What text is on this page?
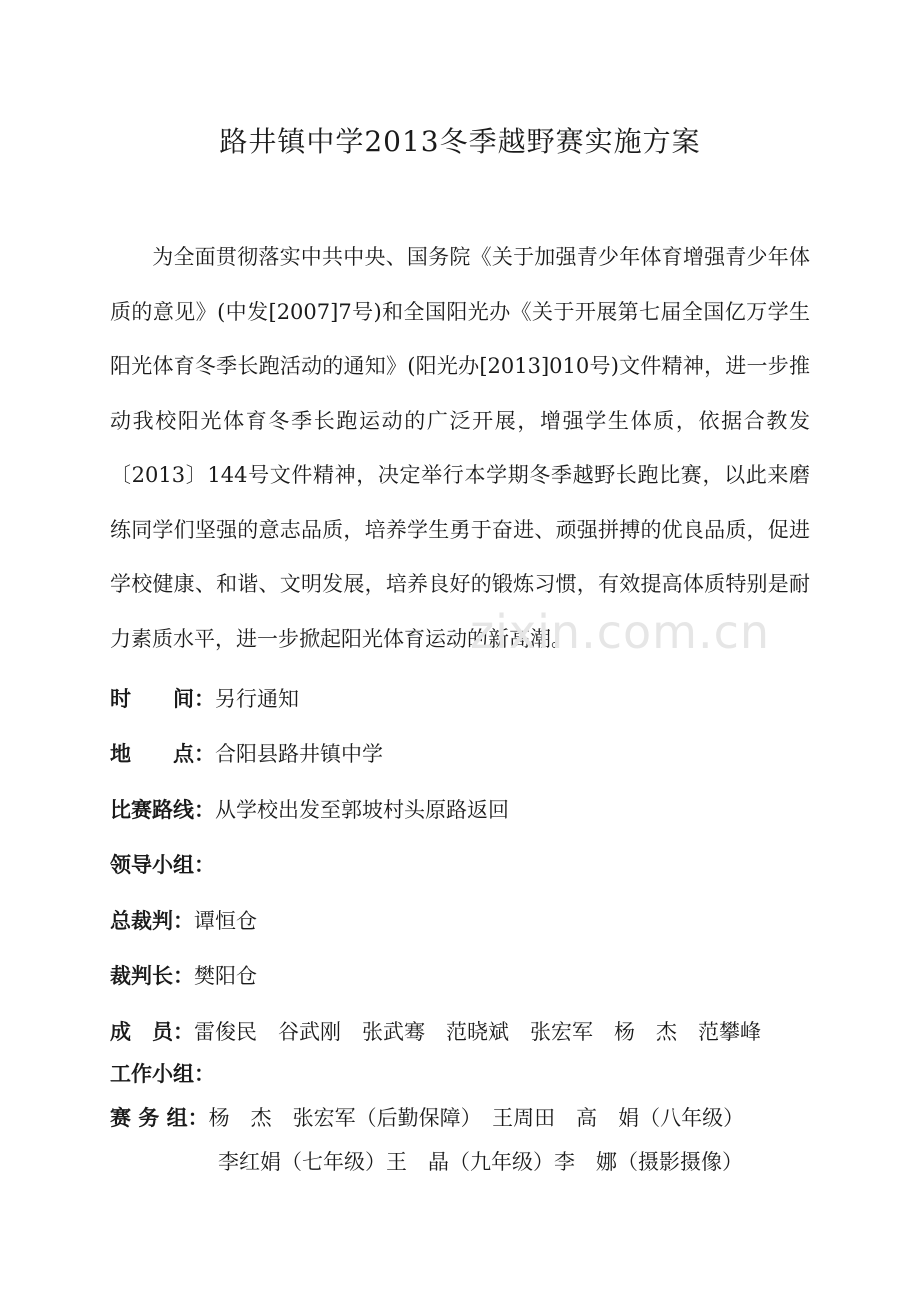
路井镇中学2013冬季越野赛实施方案
为全面贯彻落实中共中央、国务院《关于加强青少年体育增强青少年体质的意见》(中发[2007]7号)和全国阳光办《关于开展第七届全国亿万学生阳光体育冬季长跑活动的通知》(阳光办[2013]010号)文件精神，进一步推动我校阳光体育冬季长跑运动的广泛开展，增强学生体质，依据合教发〔2013〕144号文件精神，决定举行本学期冬季越野长跑比赛，以此来磨练同学们坚强的意志品质，培养学生勇于奋进、顽强拼搏的优良品质，促进学校健康、和谐、文明发展，培养良好的锻炼习惯，有效提高体质特别是耐力素质水平，进一步掀起阳光体育运动的新高潮。
zixin.com.cn
时　　间：另行通知
地　　点：合阳县路井镇中学
比赛路线：从学校出发至郭坡村头原路返回
领导小组：
总裁判：谭恒仓
裁判长：樊阳仓
成　员：雷俊民　谷武刚　张武骞　范晓斌　张宏军　杨　杰　范攀峰
工作小组：
赛 务 组：杨　杰　张宏军（后勤保障）　王周田　高　娟（八年级）
李红娟（七年级）王　晶（九年级）李　娜（摄影摄像）
